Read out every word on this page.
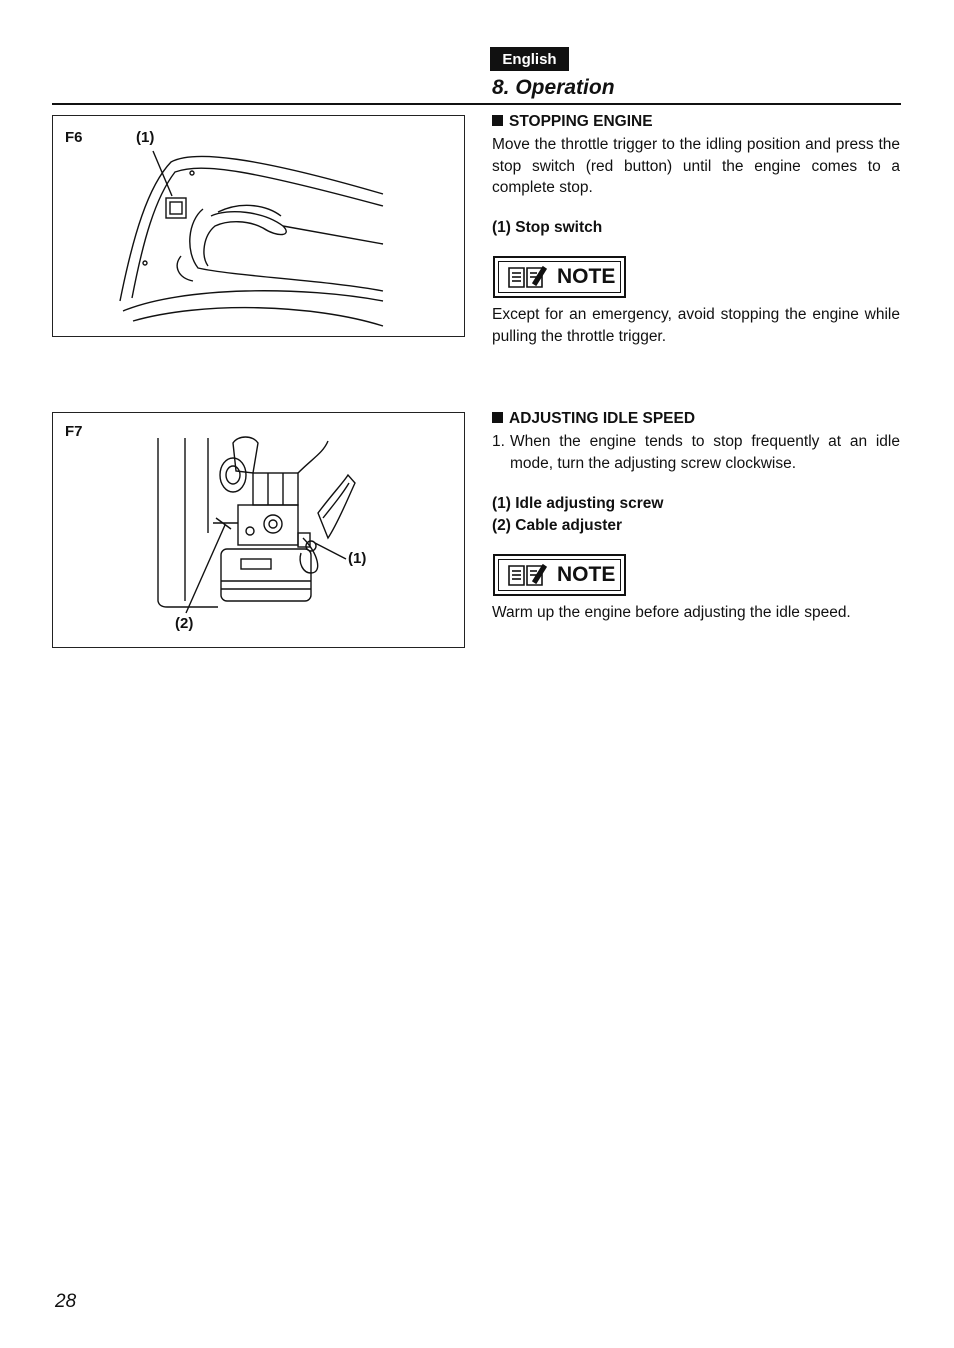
English
8. Operation
F6	(1)
STOPPING ENGINE
Move the throttle trigger to the idling position and press the stop switch (red button) until the engine comes to a complete stop.
(1) Stop switch
NOTE
Except for an emergency, avoid stopping the engine while pulling the throttle trigger.
F7
(1)
(2)
ADJUSTING IDLE SPEED
1. When the engine tends to stop frequently at an idle mode, turn the adjusting screw clockwise.
(1) Idle adjusting screw
(2) Cable adjuster
NOTE
Warm up the engine before adjusting the idle speed.
28
